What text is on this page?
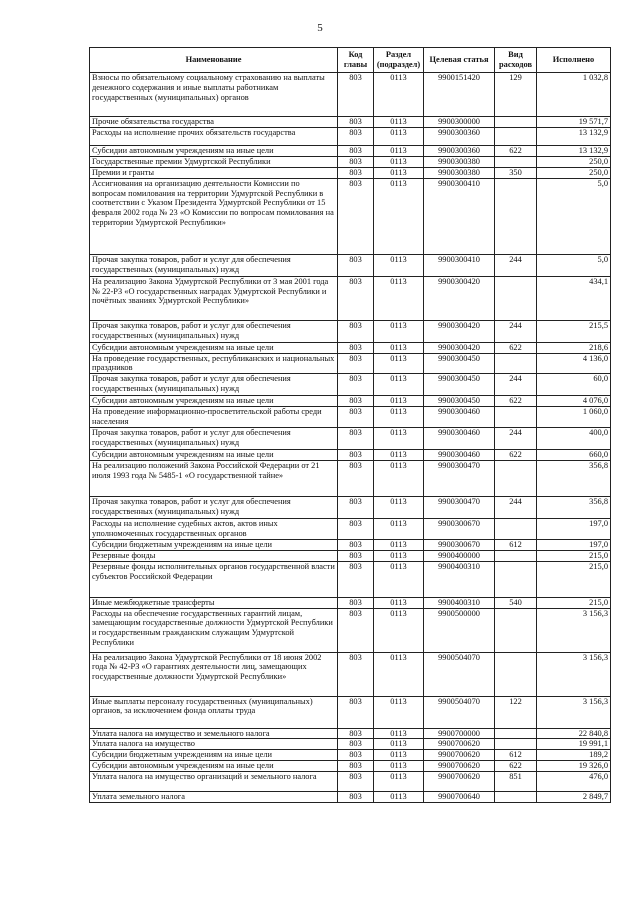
5
Наименование	Код главы	Раздел (подраздел)	Целевая статья	Вид расходов	Исполнено
Взносы по обязательному социальному страхованию на выплаты денежного содержания и иные выплаты работникам государственных (муниципальных) органов	803	0113	9900151420	129	1 032,8
Прочие обязательства государства	803	0113	9900300000		19 571,7
Расходы на исполнение прочих обязательств государства	803	0113	9900300360		13 132,9
Субсидии автономным учреждениям на иные цели	803	0113	9900300360	622	13 132,9
Государственные премии Удмуртской Республики	803	0113	9900300380		250,0
Премии и гранты	803	0113	9900300380	350	250,0
Ассигнования на организацию деятельности Комиссии по вопросам помилования на территории Удмуртской Республики в соответствии с Указом Президента Удмуртской Республики от 15 февраля 2002 года № 23 «О Комиссии по вопросам помилования на территории Удмуртской Республики»	803	0113	9900300410		5,0
Прочая закупка товаров, работ и услуг для обеспечения государственных (муниципальных) нужд	803	0113	9900300410	244	5,0
На реализацию Закона Удмуртской Республики от 3 мая 2001 года № 22-РЗ «О государственных наградах Удмуртской Республики и почётных званиях Удмуртской Республики»	803	0113	9900300420		434,1
Прочая закупка товаров, работ и услуг для обеспечения государственных (муниципальных) нужд	803	0113	9900300420	244	215,5
Субсидии автономным учреждениям на иные цели	803	0113	9900300420	622	218,6
На проведение государственных, республиканских и национальных праздников	803	0113	9900300450		4 136,0
Прочая закупка товаров, работ и услуг для обеспечения государственных (муниципальных) нужд	803	0113	9900300450	244	60,0
Субсидии автономным учреждениям на иные цели	803	0113	9900300450	622	4 076,0
На проведение информационно-просветительской работы среди населения	803	0113	9900300460		1 060,0
Прочая закупка товаров, работ и услуг для обеспечения государственных (муниципальных) нужд	803	0113	9900300460	244	400,0
Субсидии автономным учреждениям на иные цели	803	0113	9900300460	622	660,0
На реализацию положений Закона Российской Федерации от 21 июля 1993 года № 5485-1 «О государственной тайне»	803	0113	9900300470		356,8
Прочая закупка товаров, работ и услуг для обеспечения государственных (муниципальных) нужд	803	0113	9900300470	244	356,8
Расходы на исполнение судебных актов, актов иных уполномоченных государственных органов	803	0113	9900300670		197,0
Субсидии бюджетным учреждениям на иные цели	803	0113	9900300670	612	197,0
Резервные фонды	803	0113	9900400000		215,0
Резервные фонды исполнительных органов государственной власти субъектов Российской Федерации	803	0113	9900400310		215,0
Иные межбюджетные трансферты	803	0113	9900400310	540	215,0
Расходы на обеспечение государственных гарантий лицам, замещающим государственные должности Удмуртской Республики и государственным гражданским служащим Удмуртской Республики	803	0113	9900500000		3 156,3
На реализацию Закона Удмуртской Республики от 18 июня 2002 года № 42-РЗ «О гарантиях деятельности лиц, замещающих государственные должности Удмуртской Республики»	803	0113	9900504070		3 156,3
Иные выплаты персоналу государственных (муниципальных) органов, за исключением фонда оплаты труда	803	0113	9900504070	122	3 156,3
Уплата налога на имущество и земельного налога	803	0113	9900700000		22 840,8
Уплата налога на имущество	803	0113	9900700620		19 991,1
Субсидии бюджетным учреждениям на иные цели	803	0113	9900700620	612	189,2
Субсидии автономным учреждениям на иные цели	803	0113	9900700620	622	19 326,0
Уплата налога на имущество организаций и земельного налога	803	0113	9900700620	851	476,0
Уплата земельного налога	803	0113	9900700640		2 849,7
